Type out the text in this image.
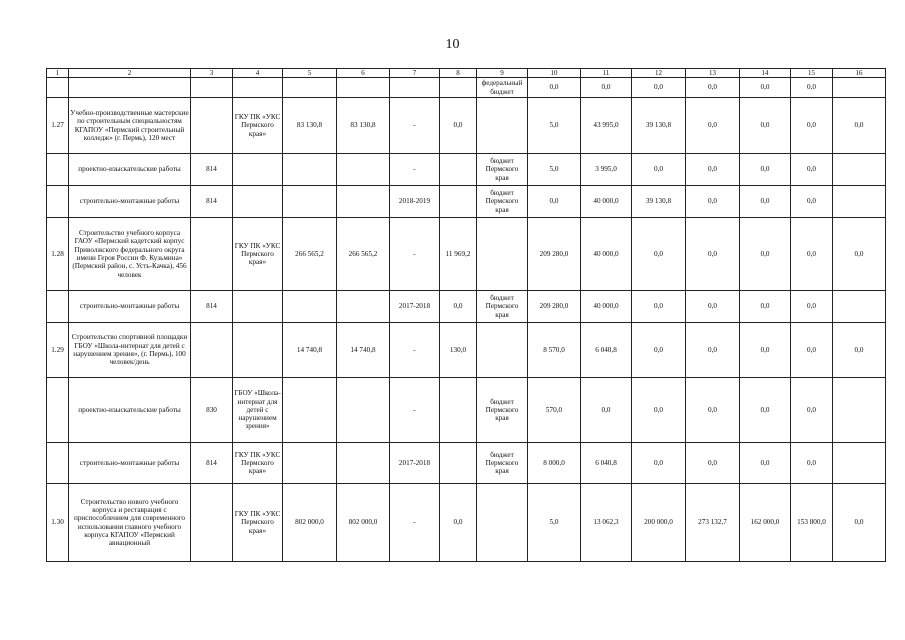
10
1	2	3	4	5	6	7	8	9	10	11	12	13	14	15	16
								федеральный бюджет	0,0	0,0	0,0	0,0	0,0	0,0	
1.27	Учебно-производственные мастерские по строительным специальностям КГАПОУ «Пермский строительный колледж» (г. Пермь), 120 мест		ГКУ ПК «УКС Пермского края»	83 130,8	83 130,8	-	0,0		5,0	43 995,0	39 130,8	0,0	0,0	0,0	0,0
	проектно-изыскательские работы	814				-		бюджет Пермского края	5,0	3 995,0	0,0	0,0	0,0	0,0	
	строительно-монтажные работы	814				2018-2019		бюджет Пермского края	0,0	40 000,0	39 130,8	0,0	0,0	0,0	
1.28	Строительство учебного корпуса ГАОУ «Пермский кадетский корпус Приволжского федерального округа имени Героя России Ф. Кузьмина» (Пермский район, с. Усть-Качка), 456 человек		ГКУ ПК «УКС Пермского края»	266 565,2	266 565,2	-	11 969,2		209 280,0	40 000,0	0,0	0,0	0,0	0,0	0,0
	строительно-монтажные работы	814				2017-2018	0,0	бюджет Пермского края	209 280,0	40 000,0	0,0	0,0	0,0	0,0	
1.29	Строительство спортивной площадки ГБОУ «Школа-интернат для детей с нарушением зрения», (г. Пермь), 100 человек/день			14 740,8	14 740,8	-	130,0		8 570,0	6 040,8	0,0	0,0	0,0	0,0	0,0
	проектно-изыскательские работы	830	ГБОУ «Школа-интернат для детей с нарушением зрения»			-		бюджет Пермского края	570,0	0,0	0,0	0,0	0,0	0,0	
	строительно-монтажные работы	814	ГКУ ПК «УКС Пермского края»			2017-2018		бюджет Пермского края	8 000,0	6 040,8	0,0	0,0	0,0	0,0	
1.30	Строительство нового учебного корпуса и реставрация с приспособлением для современного использования главного учебного корпуса КГАПОУ «Пермский авиационный		ГКУ ПК «УКС Пермского края»	802 000,0	802 000,0	-	0,0		5,0	13 062,3	200 000,0	273 132,7	162 000,0	153 800,0	0,0
